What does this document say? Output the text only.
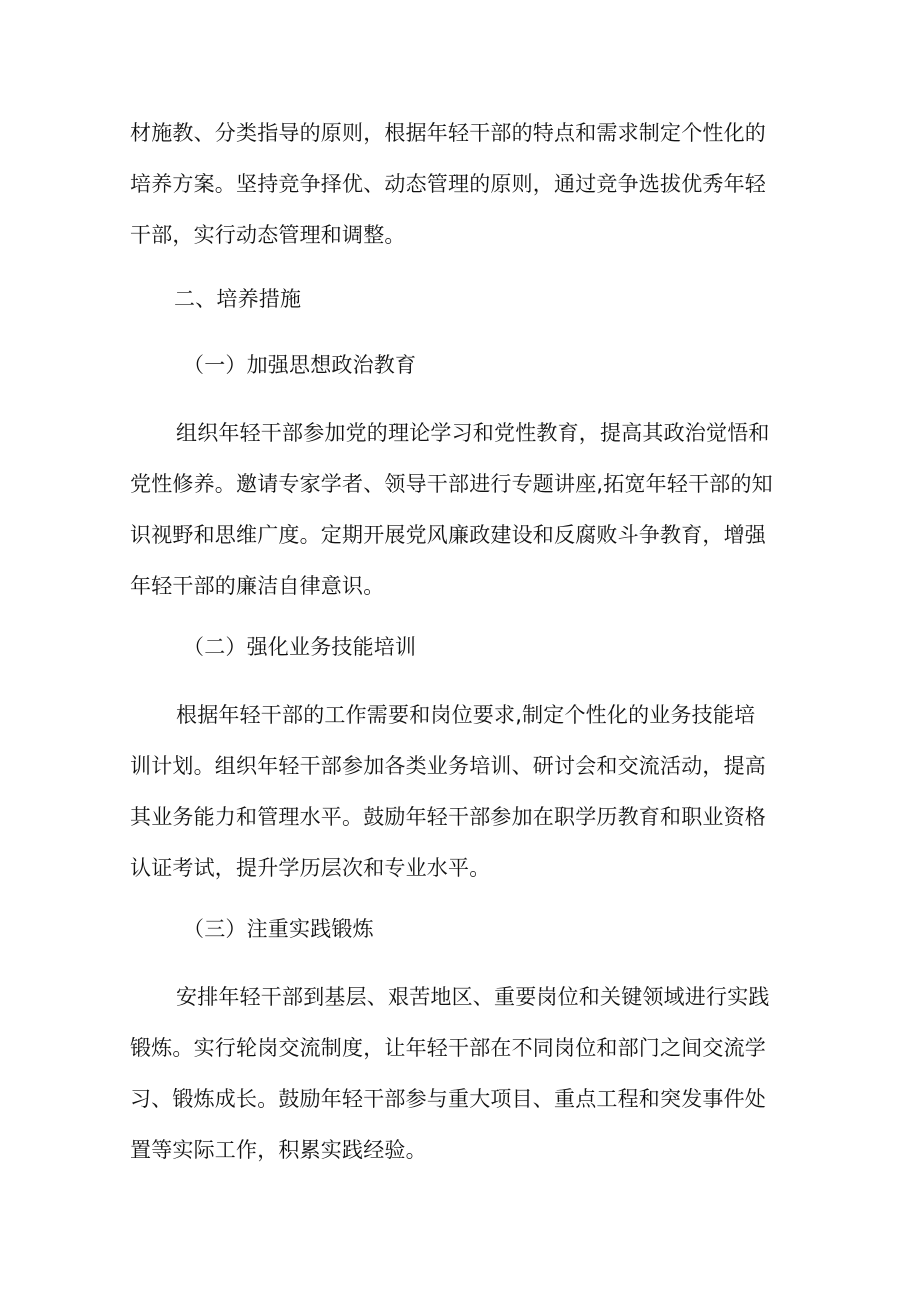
材施教、分类指导的原则，根据年轻干部的特点和需求制定个性化的
培养方案。坚持竞争择优、动态管理的原则，通过竞争选拔优秀年轻
干部，实行动态管理和调整。
二、培养措施
（一）加强思想政治教育
组织年轻干部参加党的理论学习和党性教育，提高其政治觉悟和
党性修养。邀请专家学者、领导干部进行专题讲座,拓宽年轻干部的知
识视野和思维广度。定期开展党风廉政建设和反腐败斗争教育，增强
年轻干部的廉洁自律意识。
（二）强化业务技能培训
根据年轻干部的工作需要和岗位要求,制定个性化的业务技能培
训计划。组织年轻干部参加各类业务培训、研讨会和交流活动，提高
其业务能力和管理水平。鼓励年轻干部参加在职学历教育和职业资格
认证考试，提升学历层次和专业水平。
（三）注重实践锻炼
安排年轻干部到基层、艰苦地区、重要岗位和关键领域进行实践
锻炼。实行轮岗交流制度，让年轻干部在不同岗位和部门之间交流学
习、锻炼成长。鼓励年轻干部参与重大项目、重点工程和突发事件处
置等实际工作，积累实践经验。
